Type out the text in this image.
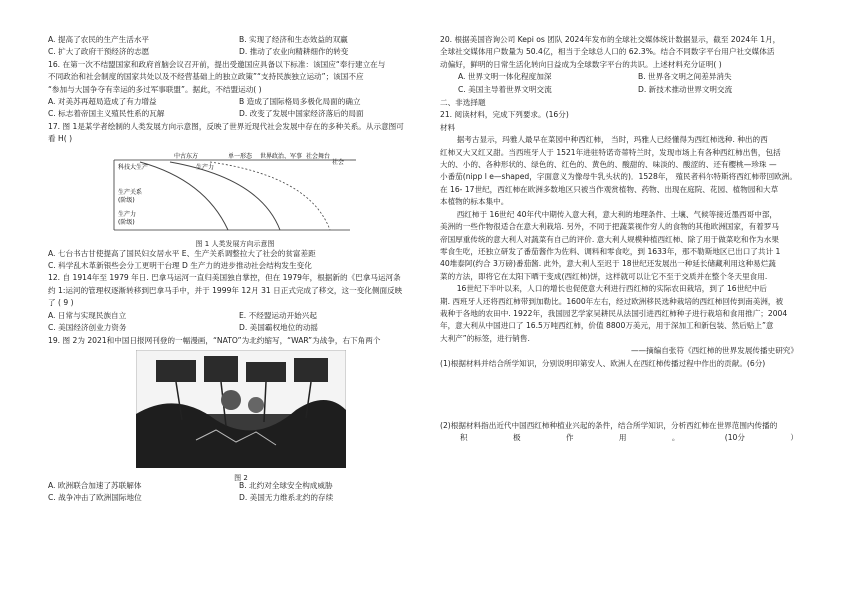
A. 提高了农民的生产生活水平	B. 实现了经济和生态效益的双赢
C. 扩大了政府干预经济的志愿	D. 推动了农业向精耕细作的转变

16. 在第一次不结盟国家和政府首脑会议召开前，提出受邀国应具备以下标准：该国应“奉行建立在与

不同政治和社会制度的国家共处以及不经营基础上的独立政策”“支持民族独立运动”；该国不应

“参加与大国争夺有幸运的多过军事联盟”。据此，不结盟运动( )

A. 对美苏再超局造成了有力增益	B 造成了国际格局多极化局面的确立
C. 标志着帝国主义殖民性系的瓦解	D. 改变了发展中国家经济落后的局面

17. 图 1是某学者绘制的人类发展方向示意图，反映了世界近现代社会发展中存在的多种关系。从示意图可

看 H( )

科技大生产	生产力
单一形态
中古东方	世界政治、军事 社会舞台
社会
生产关系
(阶级)
生产力
(阶级)
图 1 人类发展方向示意图

A. 七台书古甘使提高了国民妇女居水平 E、生产关系调整拉大了社会的贫富差距

C. 科学乱木革新银些会分工更明干台理 D 生产力的进步推动社会结构发生变化

12. 自 1914年至 1979 年日. 巴拿马运河一直归美国独自掌控，但在 1979年，根据新的《巴拿马运河条

约 1:运河的管理权逐渐转移到巴拿马手中，并于 1999年 12月 31 日正式完成了移交，这一变化侧面反映

了 ( 9 )

A. 日常与实现民族自立	E. 不经盟运动开始兴起
C. 美国经济创业力资务	D. 美国霸权地位的动摇

19. 图 2为 2021和中国日报网刊登的一幅漫画，“NATO”为北约缩写，“WAR”为战争，右下角两个

图 2
A. 欧洲联合加速了苏联解体	B. 北约对全球安全构成威胁
C. 战争冲击了欧洲国际地位	D. 美国无力维系北约的存续

20. 根据美国咨询公司 Kepi os 团队 2024年发布的全球社交媒体统计数据显示，截至 2024年 1月，

全球社交媒体用户数量为 50.4亿，相当于全球总人口的 62.3%。结合不同数字平台用户社交媒体活

动偏好，鲜明的日常生活化转向日益成为全球数字平台的共识。上述材料充分证明( )

A. 世界文明一体化程度加深	B. 世界各文明之间差异消失
C. 美国主导着世界文明交流	D. 新技术推动世界文明交流

二、非选择题

21. 阅读材料，完成下列要求。(16分)

材料

据考古显示，玛雅人最早在菜园中种西红柿， 当时，玛雅人已经懂得为西红柿选种. 种出的西

红柿又大又红又甜。当西班牙人于 1521年进驻特诺奇蒂特兰时，发现市场上有各种西红柿出售，包括

大的、小的、各种形状的、绿色的、红色的、黄色的、酸甜的、味淡的、酸涩的、还有樱桃—珍珠 —

小番茄(nipp l e—shaped，字面意义为像母牛乳头状的)．1528年， 殖民者科尔特斯将西红柿带回欧洲。

在 16- 17世纪，西红柿在欧洲多数地区只被当作观赏植物、药物、出现在庭院、花园、植物园和大草

本植物的标本集中。

西红柿于 16世纪 40年代中期传入意大利，意大利的地理条件、土壤、气候等接近墨西哥中部，

美洲的一些作物很适合在意大利栽培. 另外，不同于把蔬菜视作穷人的食物的其他欧洲国家，有着罗马

帝国厚重传统的意大利人对蔬菜有自己的评价. 意大利人规模种植西红柿、除了用于做菜吃和作为水果

零食生吃，还独立研发了番茄酱作为佐料、调料和零食吃，到 1633年，那不勒斯地区已出口了共计 1

40堆泰阿(约合 3万磅)番茄酱. 此外，意大利人至迟于 18世纪还发展出一种延长储藏利用这种易烂蔬

菜的方法，即将它在太阳下晒干变成(西红柿)饼，这样就可以让它不至于交质并在整个冬天里食用.

16世纪下半叶以来，人口的增长也促使意大利进行西红柿的实际农田栽培，到了 16世纪中后

期. 西班牙人还将西红柿带到加勒比。1600年左右，经过欧洲移民选种栽培的西红柿回传到南美洲，被

栽种于各地的农田中. 1922年，我国园艺学家吴耕民从法国引进西红柿种子进行栽培和食用推广；2004

年，意大利从中国进口了 16.5万吨西红柿，价值 8800万美元，用于深加工和新包装、然后贴上”意

大利产”的标签，进行销售.

——摘编自张符《西红柿的世界发展传播史研究》

(1)根据材料并结合所学知识，分别说明印第安人、欧洲人在西红柿传播过程中作出的贡献。(6分)

(2)根据材料指出近代中国西红柿种植业兴起的条件，结合所学知识，分析西红柿在世界范围内传播的

积	极	作	用	。	(10分	）
